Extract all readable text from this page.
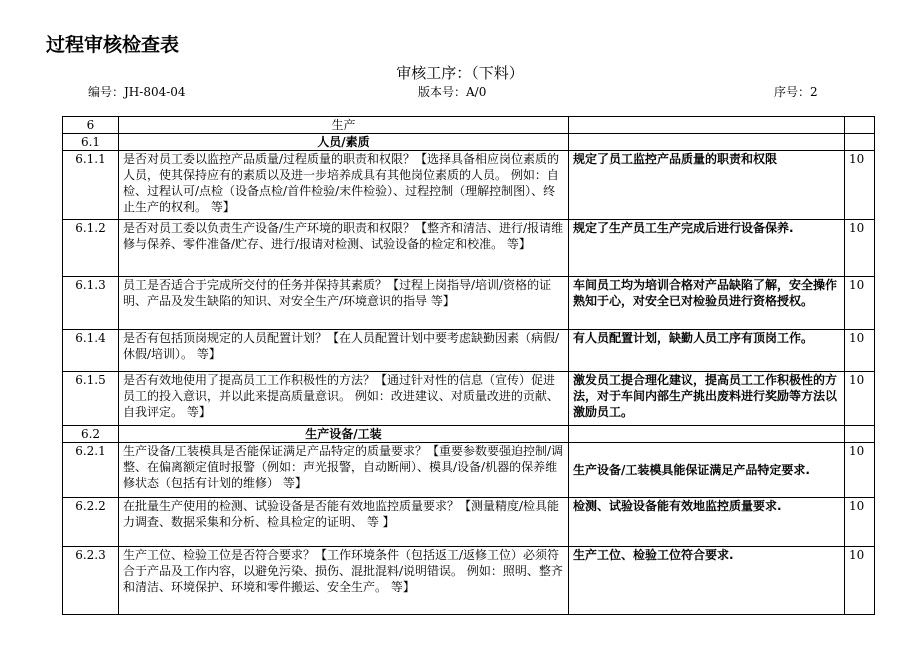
过程审核检查表
审核工序：（下料）
编号：JH-804-04	版本号：A/0	序号：2
6	生产		
6.1	人员/素质		
6.1.1	是否对员工委以监控产品质量/过程质量的职责和权限？【选择具备相应岗位素质的人员，使其保持应有的素质以及进一步培养成具有其他岗位素质的人员。 例如：自检、过程认可/点检（设备点检/首件检验/末件检验）、过程控制（理解控制图）、终止生产的权利。 等】	规定了员工监控产品质量的职责和权限	10
6.1.2	是否对员工委以负责生产设备/生产环境的职责和权限？【整齐和清洁、进行/报请维修与保养、零件准备/贮存、进行/报请对检测、试验设备的检定和校准。 等】	规定了生产员工生产完成后进行设备保养.	10
6.1.3	员工是否适合于完成所交付的任务并保持其素质？【过程上岗指导/培训/资格的证明、产品及发生缺陷的知识、对安全生产/环境意识的指导 等】	车间员工均为培训合格对产品缺陷了解，安全操作熟知于心，对安全已对检验员进行资格授权。	10
6.1.4	是否有包括顶岗规定的人员配置计划？【在人员配置计划中要考虑缺勤因素（病假/休假/培训）。 等】	有人员配置计划，缺勤人员工序有顶岗工作。	10
6.1.5	是否有效地使用了提高员工工作积极性的方法？【通过针对性的信息（宣传）促进员工的投入意识，并以此来提高质量意识。 例如：改进建议、对质量改进的贡献、自我评定。 等】	激发员工提合理化建议，提高员工工作积极性的方法，对于车间内部生产挑出废料进行奖励等方法以激励员工。	10
6.2	生产设备/工装		
6.2.1	生产设备/工装模具是否能保证满足产品特定的质量要求？【重要参数要强迫控制/调整、在偏离额定值时报警（例如：声光报警，自动断闸）、模具/设备/机器的保养维修状态（包括有计划的维修） 等】	生产设备/工装模具能保证满足产品特定要求.	10
6.2.2	在批量生产使用的检测、试验设备是否能有效地监控质量要求？【测量精度/检具能力调查、数据采集和分析、检具检定的证明、 等 】	检测、试验设备能有效地监控质量要求.	10
6.2.3	生产工位、检验工位是否符合要求？【工作环境条件（包括返工/返修工位）必须符合于产品及工作内容，以避免污染、损伤、混批混料/说明错误。 例如：照明、整齐和清洁、环境保护、环境和零件搬运、安全生产。 等】	生产工位、检验工位符合要求.	10
